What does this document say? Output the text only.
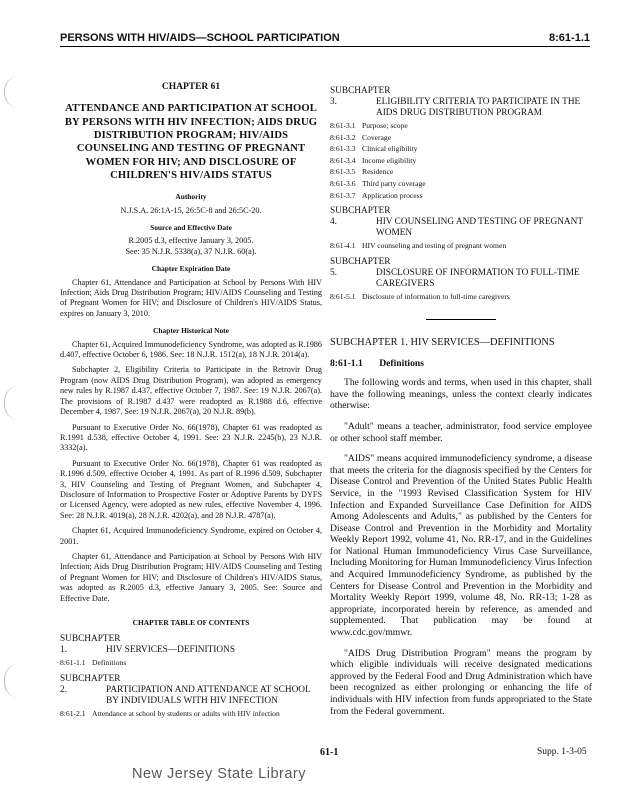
PERSONS WITH HIV/AIDS—SCHOOL PARTICIPATION	8:61-1.1
CHAPTER 61
ATTENDANCE AND PARTICIPATION AT SCHOOL BY PERSONS WITH HIV INFECTION; AIDS DRUG DISTRIBUTION PROGRAM; HIV/AIDS COUNSELING AND TESTING OF PREGNANT WOMEN FOR HIV; AND DISCLOSURE OF CHILDREN'S HIV/AIDS STATUS
Authority
N.J.S.A. 26:1A-15, 26:5C-8 and 26:5C-20.
Source and Effective Date
R.2005 d.3, effective January 3, 2005.
See: 35 N.J.R. 5338(a), 37 N.J.R. 60(a).
Chapter Expiration Date

Chapter 61, Attendance and Participation at School by Persons With HIV Infection; Aids Drug Distribution Program; HIV/AIDS Counseling and Testing of Pregnant Women for HIV; and Disclosure of Children's HIV/AIDS Status, expires on January 3, 2010.

Chapter Historical Note

Chapter 61, Acquired Immunodeficiency Syndrome, was adopted as R.1986 d.407, effective October 6, 1986. See: 18 N.J.R. 1512(a), 18 N.J.R. 2014(a).

Subchapter 2, Eligibility Criteria to Participate in the Retrovir Drug Program (now AIDS Drug Distribution Program), was adopted as emergency new rules by R.1987 d.437, effective October 7, 1987. See: 19 N.J.R. 2067(a). The provisions of R.1987 d.437 were readopted as R.1988 d.6, effective December 4, 1987. See: 19 N.J.R. 2067(a), 20 N.J.R. 89(b).

Pursuant to Executive Order No. 66(1978), Chapter 61 was readopted as R.1991 d.538, effective October 4, 1991. See: 23 N.J.R. 2245(b), 23 N.J.R. 3332(a).

Pursuant to Executive Order No. 66(1978), Chapter 61 was readopted as R.1996 d.509, effective October 4, 1991. As part of R.1996 d.509, Subchapter 3, HIV Counseling and Testing of Pregnant Women, and Subchapter 4, Disclosure of Information to Prospective Foster or Adoptive Parents by DYFS or Licensed Agency, were adopted as new rules, effective November 4, 1996. See: 28 N.J.R. 4019(a), 28 N.J.R. 4202(a), and 28 N.J.R. 4787(a).

Chapter 61, Acquired Immunodeficiency Syndrome, expired on October 4, 2001.

Chapter 61, Attendance and Participation at School by Persons With HIV Infection; Aids Drug Distribution Program; HIV/AIDS Counseling and Testing of Pregnant Women for HIV; and Disclosure of Children's HIV/AIDS Status, was adopted as R.2005 d.3, effective January 3, 2005. See: Source and Effective Date.

CHAPTER TABLE OF CONTENTS
SUBCHAPTER 1.	HIV SERVICES—DEFINITIONS
8:61-1.1 Definitions
SUBCHAPTER 2.	PARTICIPATION AND ATTENDANCE AT SCHOOL BY INDIVIDUALS WITH HIV INFECTION
8:61-2.1 Attendance at school by students or adults with HIV infection
SUBCHAPTER 3.	ELIGIBILITY CRITERIA TO PARTICIPATE IN THE AIDS DRUG DISTRIBUTION PROGRAM
8:61-3.1 Purpose; scope
8:61-3.2 Coverage
8:61-3.3 Clinical eligibility
8:61-3.4 Income eligibility
8:61-3.5 Residence
8:61-3.6 Third party coverage
8:61-3.7 Application process
SUBCHAPTER 4.	HIV COUNSELING AND TESTING OF PREGNANT WOMEN
8:61-4.1 HIV counseling and testing of pregnant women
SUBCHAPTER 5.	DISCLOSURE OF INFORMATION TO FULL-TIME CAREGIVERS
8:61-5.1 Disclosure of information to full-time caregivers
SUBCHAPTER 1. HIV SERVICES—DEFINITIONS
8:61-1.1 Definitions

The following words and terms, when used in this chapter, shall have the following meanings, unless the context clearly indicates otherwise:

"Adult" means a teacher, administrator, food service employee or other school staff member.

"AIDS" means acquired immunodeficiency syndrome, a disease that meets the criteria for the diagnosis specified by the Centers for Disease Control and Prevention of the United States Public Health Service, in the "1993 Revised Classification System for HIV Infection and Expanded Surveillance Case Definition for AIDS Among Adolescents and Adults," as published by the Centers for Disease Control and Prevention in the Morbidity and Mortality Weekly Report 1992, volume 41, No. RR-17, and in the Guidelines for National Human Immunodeficiency Virus Case Surveillance, Including Monitoring for Human Immunodeficiency Virus Infection and Acquired Immunodeficiency Syndrome, as published by the Centers for Disease Control and Prevention in the Morbidity and Mortality Weekly Report 1999, volume 48, No. RR-13; 1-28 as appropriate, incorporated herein by reference, as amended and supplemented. That publication may be found at www.cdc.gov/mmwr.

"AIDS Drug Distribution Program" means the program by which eligible individuals will receive designated medications approved by the Federal Food and Drug Administration which have been recognized as either prolonging or enhancing the life of individuals with HIV infection from funds appropriated to the State from the Federal government.

61-1	Supp. 1-3-05
New Jersey State Library
